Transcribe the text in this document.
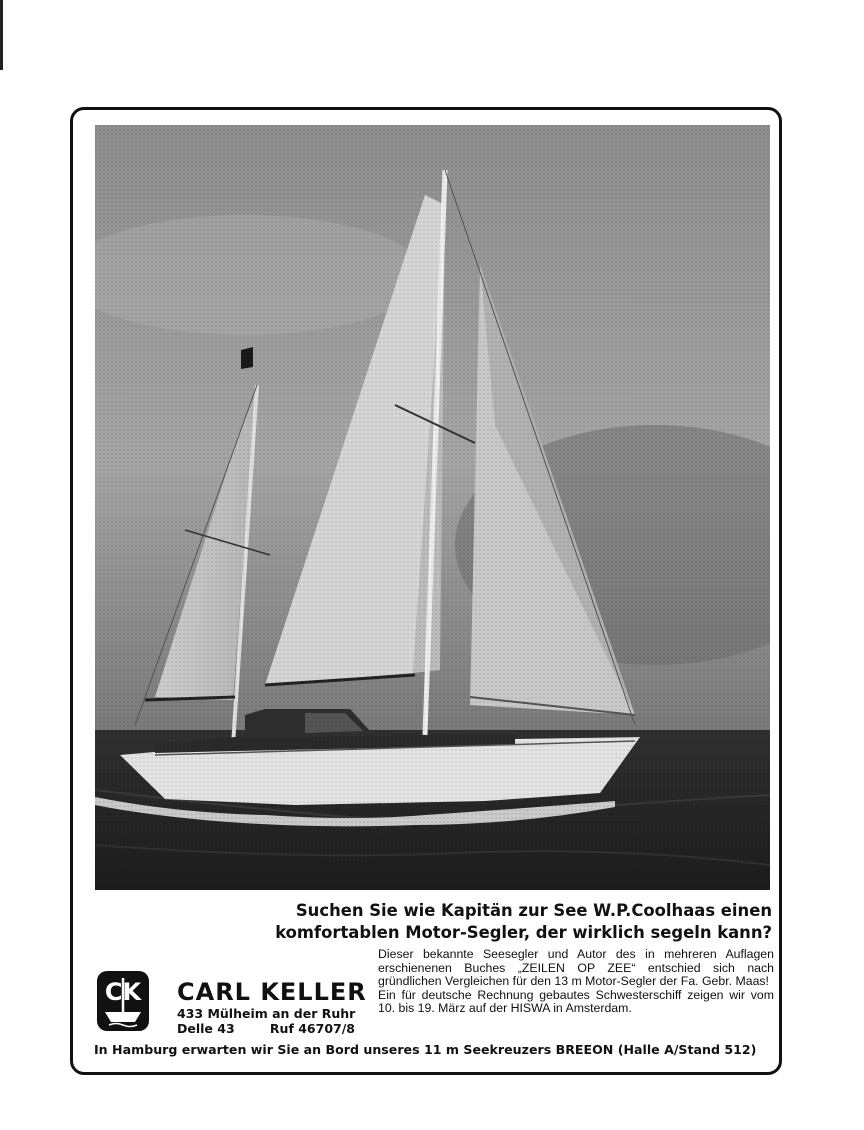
Suchen Sie wie Kapitän zur See W.P.Coolhaas einen
komfortablen Motor-Segler, der wirklich segeln kann?

Dieser bekannte Seesegler und Autor des in mehreren Auflagen erschienenen Buches „ZEILEN OP ZEE“ entschied sich nach gründlichen Vergleichen für den 13 m Motor-Segler der Fa. Gebr. Maas!

Ein für deutsche Rechnung gebautes Schwesterschiff zeigen wir vom 10. bis 19. März auf der HISWA in Amsterdam.

CK CARL KELLER
433 Mülheim an der Ruhr
Delle 43	Ruf 46707/8
In Hamburg erwarten wir Sie an Bord unseres 11 m Seekreuzers BREEON (Halle A/Stand 512)
